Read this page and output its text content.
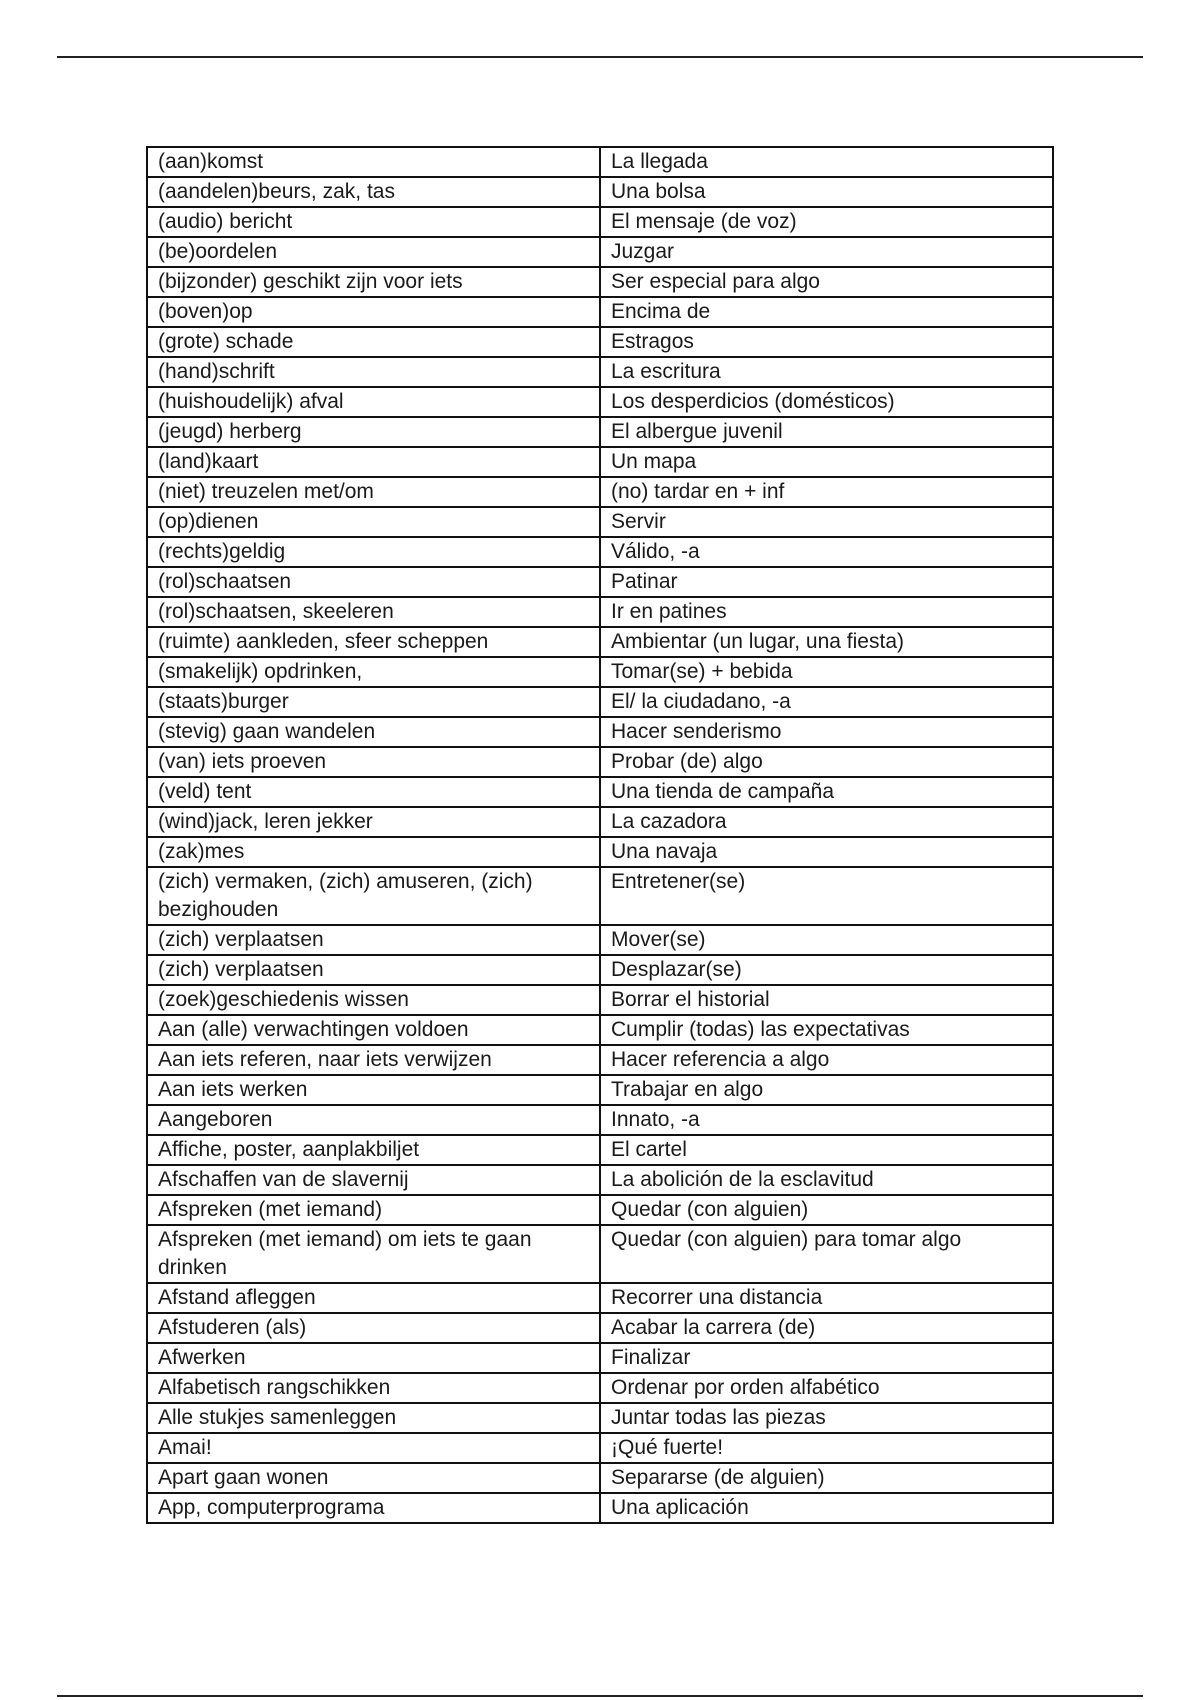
(aan)komst	La llegada
(aandelen)beurs, zak, tas	Una bolsa
(audio) bericht	El mensaje (de voz)
(be)oordelen	Juzgar
(bijzonder) geschikt zijn voor iets	Ser especial para algo
(boven)op	Encima de
(grote) schade	Estragos
(hand)schrift	La escritura
(huishoudelijk) afval	Los desperdicios (domésticos)
(jeugd) herberg	El albergue juvenil
(land)kaart	Un mapa
(niet) treuzelen met/om	(no) tardar en + inf
(op)dienen	Servir
(rechts)geldig	Válido, -a
(rol)schaatsen	Patinar
(rol)schaatsen, skeeleren	Ir en patines
(ruimte) aankleden, sfeer scheppen	Ambientar (un lugar, una fiesta)
(smakelijk) opdrinken,	Tomar(se) + bebida
(staats)burger	El/ la ciudadano, -a
(stevig) gaan wandelen	Hacer senderismo
(van) iets proeven	Probar (de) algo
(veld) tent	Una tienda de campaña
(wind)jack, leren jekker	La cazadora
(zak)mes	Una navaja
(zich) vermaken, (zich) amuseren, (zich) bezighouden	Entretener(se)
(zich) verplaatsen	Mover(se)
(zich) verplaatsen	Desplazar(se)
(zoek)geschiedenis wissen	Borrar el historial
Aan (alle) verwachtingen voldoen	Cumplir (todas) las expectativas
Aan iets referen, naar iets verwijzen	Hacer referencia a algo
Aan iets werken	Trabajar en algo
Aangeboren	Innato, -a
Affiche, poster, aanplakbiljet	El cartel
Afschaffen van de slavernij	La abolición de la esclavitud
Afspreken (met iemand)	Quedar (con alguien)
Afspreken (met iemand) om iets te gaan drinken	Quedar (con alguien) para tomar algo
Afstand afleggen	Recorrer una distancia
Afstuderen (als)	Acabar la carrera (de)
Afwerken	Finalizar
Alfabetisch rangschikken	Ordenar por orden alfabético
Alle stukjes samenleggen	Juntar todas las piezas
Amai!	¡Qué fuerte!
Apart gaan wonen	Separarse (de alguien)
App, computerprograma	Una aplicación
